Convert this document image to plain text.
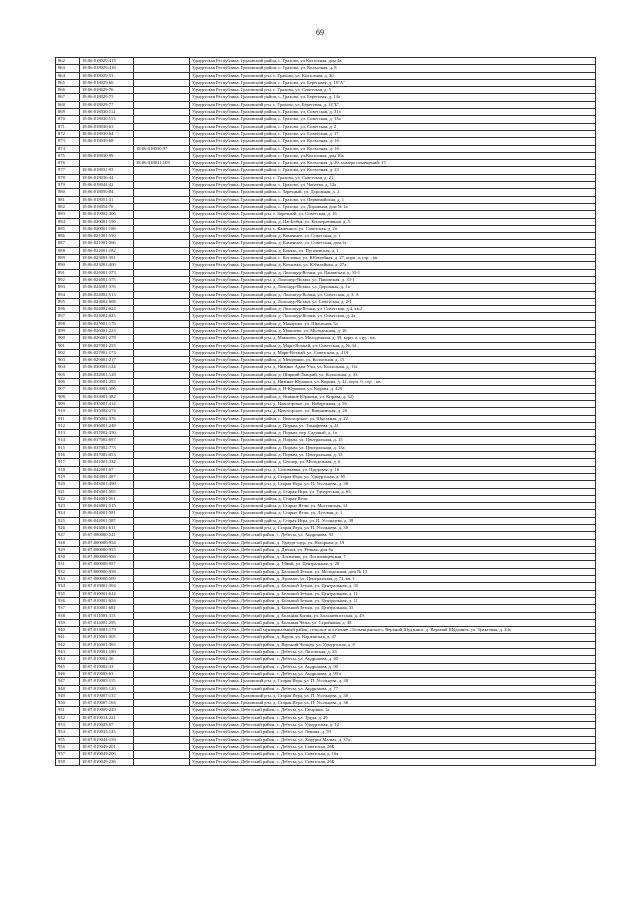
69
862	18:06:018029:415		Удмуртская Республика, Граховский район, с. Грахово, ул.Колхозная, дом 4а
863	18:06:018029:418		Удмуртская Республика, Граховский район, с. Грахово, ул. Колхозная, д. 8
864	18:06:018029:53		Удмуртская Республика, Граховский р-н, с. Грахово, ул. Колхозная, д. 30
865	18:06:018029:66		Удмуртская Республика, Граховский район, с. Грахово, ул. Береговая, д. 18"А"
866	18:06:018029:76		Удмуртская Республика, Граховский р-н, с. Грахово, ул. Советская, д. 5
867	18:06:018029:75		Удмуртская Республика, Граховский район, с. Грахово, ул. Береговая, д. 14а
868	18:06:018029:77		Удмуртская Республика, Граховский р-н, с. Грахово, ул. Береговая, д. 14"Б"
869	18:06:018030:112		Удмуртская Республика, Граховский район, с. Грахово, ул. Советская, д. 31а
870	18:06:018030:113		Удмуртская Республика, Граховский район, с. Грахово, ул. Советская, д. 13а
871	18:06:018030:63		Удмуртская Республика, Граховский район, с. Грахово, ул. Советская, д. 2
872	18:06:018030:64		Удмуртская Республика, Граховский район, с. Грахово, ул. Советская, д. 17
873	18:06:018030:68		Удмуртская Республика, Граховский район, с. Грахово, ул. Колхозная, д. 16
874		18:06:018030:97	Удмуртская Республика, Граховский район, с. Грахово, ул. Колхозная, д. 16
875	18:06:018030:99		Удмуртская Республика, Граховский район, с. Грахово, ул.Колхозная, дом 16а
876		18:06:018031:103	Удмуртская Республика, Граховский район, с. Грахово, ул. Колхозная, д. 20, номера помещений: 15
877	18:06:018031:93		Удмуртская Республика, Граховский район, с. Грахово, ул. Колхозная, д. 23
878	18:06:018036:44		Удмуртская Республика, Граховский р-н, с. Грахово, ул. Советская, д. 21
879	18:06:018044:42		Удмуртская Республика, Граховский район, с. Грахово, ул. Чапаева, д. 12а
880	18:06:018050:84		Удмуртская Республика, Граховский район, с. Заречный, ул. Дорожная, д. 2
881	18:06:018051:31		Удмуртская Республика, Граховский район, с. Грахово, ул. Первомайская, д. 1
882	18:06:018054:76		Удмуртская Республика, Граховский район, с. Грахово, ул. Дорожная, дом № 1а
883	18:06:019002:306		Удмуртская Республика, Граховский р-н, с. Заречный, ул. Советская, д. 16
884	18:06:020001:190		Удмуртская Республика, Граховский район, д. Иж-Бобья, ул. Кооперативная, д. 5
885	18:06:020001:186		Удмуртская Республика, Граховский р-н, с. Каменное, ул. Советская, д. 2а
886	18:06:021001:550		Удмуртская Республика, Граховский район, д. Каменное, ул. Советская, д. 1
887	18:06:021001:566		Удмуртская Республика, Граховский район, д. Каменное, ул. Советская, дом 1а
888	18:06:022001:182		Удмуртская Республика, Граховский район, д. Конязь, ул. Пугачевская, д. 1
889	18:06:023001:391		Удмуртская Республика, Граховский район, с. Котловка, ул. Юбилейная, д. 27, корп. а, стр. , кв.
890	18:06:023001:400		Удмуртская Республика, Граховский район, д. Котловка, ул. Юбилейная, д. 27а
891	18:06:024001:373		Удмуртская Республика, Граховский район, д. Лолошур-Возжи, ул. Пановская, д. 33-1
892	18:06:024001:375		Удмуртская Республика, Граховский р-н, д. Лолошур-Возжи, ул. Пановская, д. 33-1
893	18:06:024001:376		Удмуртская Республика, Граховский р-н, д. Лолошур-Возжи, ул. Дорожная, д. 1а
894	18:06:024002:513		Удмуртская Республика, Граховский район, д. Лолошур-Возжи, ул. Советская, д. 3, А
895	18:06:024002:608		Удмуртская Республика, Граховский р-н, д. Лолошур-Возжи, ул. Советская, д. 2/4
896	18:06:024002:624		Удмуртская Республика, Граховский район, д. Лолошур-Возжи, ул. Советская, д.4, кв.2
897	18:06:024002:625		Удмуртская Республика, Граховский район, д. Лолошур-Возжи, ул. Советская, д. 2а
898	18:06:025001:176		Удмуртская Республика, Граховский район, д. Макарово, ул. Школьная, 3а
899	18:06:026001:223		Удмуртская Республика, Граховский район, д. Макшево, ул. Молодежная, д. 16
900	18:06:026001:278		Удмуртская Республика, Граховский р-н, д. Макшево, ул. Молодежная, д. 39, корп. а, стр. , кв.
901	18:06:027001:255		Удмуртская Республика, Граховский район, д. Мари-Возжай, ул. Советская, д. № 34
902	18:06:027001:173		Удмуртская Республика, Граховский р-н, д. Мари-Возжай, ул. Советская, д. 41А
903	18:06:029001:217		Удмуртская Республика, Граховский район, д. Мещеряки, ул. Колхозная, д. 15
904	18:06:030001:124		Удмуртская Республика, Граховский р-н, д. Нижние Адам-Учи, ул. Колхозная, д. 11а
905	18:06:032001:128		Удмуртская Республика, Граховский район, д. Ширкий Лъюрий, ул. Колхозная, д. 33
906	18:06:033001:293		Удмуртская Республика, Граховский р-н, д. Нижние Юрашки, ул. Кирова, д. 42, корп. б, стр. , кв.
907	18:06:033001:306		Удмуртская Республика, Граховский район, д. Н-Юрашки, ул. Кирова, д. 42б
908	18:06:033001:382		Удмуртская Республика, Граховский район, д. Нижние Юрашки, ул. Кирова, д. 42)
909	18:06:035001:412		Удмуртская Республика, Граховский р-н, д. Новогорское, ул. Набережная, д. 56
910	18:06:035002:274		Удмуртская Республика, Граховский р-н, д. Новогорское, ул. Вишневская, д. 20
911	18:06:035002:376		Удмуртская Республика, Граховский район, с. Новогорское, ул. Школьная, д. 22
912	18:06:036001:248		Удмуртская Республика, Граховский район, д. Порым, ул. Тимофеева, д. 41
913	18:06:037002:350		Удмуртская Республика, Граховский район, д. Порым, пер. Садовый, д. 1а
914	18:06:037002:697		Удмуртская Республика, Граховский район, д. Порым, ул. Центральная, д. 15
915	18:06:037002:773		Удмуртская Республика, Граховский район, д. Порым, ул. Центральная, д. 13а
916	18:06:037002:853		Удмуртская Республика, Граховский район, д. Порым, ул. Центральная, д. 13
917	18:06:041001:332		Удмуртская Республика, Граховский район, д. Сеппер, ул. Молодежная, д. 6
918	18:06:042001:97		Удмуртская Республика, Граховский р-н, д. Соловьевка, ул. Прудовая, д. 16
919	18:06:043001:487		Удмуртская Республика, Граховский р-н, д. Старая Игра, ул. Удмуртская, д. 65
920	18:06:043001:490		Удмуртская Республика, Граховский р-н, д. Старая Игра, ул. П. Усольцева, д. 38
921	18:06:043001:505		Удмуртская Республика, Граховский район, д. Старая Игра, ул. Удмуртская, д. 65
922	18:06:044001:561		Удмуртская Республика, Граховский район, д. Старая Ятчи
923	18:06:044001:515		Удмуртская Республика, Граховский район, д. Старые Ятчи, ул. Мостовская, 14
924	18:06:044001:581		Удмуртская Республика, Граховский район, д. Старые Ятчи, ул. Луговая, д. 1
925	18:06:044001:587		Удмуртская Республика, Граховский район, д. Старая Игра, ул. П. Усольцева, д. 38
926	18:06:044001:611		Удмуртская Республика, Граховский р-н, д. Старая Игра, ул. П. Усольцева, д. 38
927	18:07:000000:541		Удмуртская Республика, Дебесский район, с. Дебесы, ул. Андронова, 93
928	18:07:000000:954		Удмуртская Республика, Дебесский район, д. Удмурт-шур, ул. Нагорная, д. 19
929	18:07:000000:955		Удмуртская Республика, Дебесский район, д. Дзилья, ул. Речная, дом 6а
930	18:07:000000:956		Удмуртская Республика, Дебесский район, д. Логачевщ, ул. Логачевщевская, 7
931	18:07:000000:957		Удмуртская Республика, Дебесский район, д. Уйвай, ул. Центральная, д. 28
932	18:07:000000:958		Удмуртская Республика, Дебесский район, д. Большой Зетым, ул. Молодежная, дом № 13
933	18:07:000000:509		Удмуртская Республика, Дебесский район, д. Арзамас, ул. Центральная, д. 72, кв. 1
934	18:07:010001:504		Удмуртская Республика, Дебесский район, д. Большой Зетым, ул. Центральная, д. 35
935	18:07:010001:614		Удмуртская Республика, Дебесский район, д. Большой Зетым, ул. Центральная, д. 11
936	18:07:010001:654		Удмуртская Республика, Дебесский район, д. Большой Зетым, ул. Центральная, д. 11
937	18:07:010001:681		Удмуртская Республика, Дебесский район, д. Большой Зетым, ул. Центральная, 35
938	18:07:011001:313		Удмуртская Республика, Дебесский район, д. Большая Кизня, ул. Большевистская, д. 49
939	18:07:012001:295		Удмуртская Республика, Дебесский район, д. Большая Чёжа, ул. Стройкина, д. 38
940	18:07:013001:179		Удмуртская Республика, Дебесский муниципальный район, сельское поселение «Тольенцанское», Верхний Шудзинск, д. Верхний Шудзинск, ул. Трактовая, д. 23а
941	18:07:015001:505		Удмуртская Республика, Дебесский район, д. Варзи, ул. Варзинская, д. 47
942	18:07:016001:365		Удмуртская Республика, Дебесский район, д. Верхний Чепцер, ул. Удмуртская, д. 8
943	18:07:019001:180		Удмуртская Республика, Дебесский район, с. Дебесы, ул. Литовская, д. 23
944	18:07:019002:30		Удмуртская Республика, Дебесский район, с. Дебесы, ул. Андронова, д. 40
945	18:07:019002:33		Удмуртская Республика, Дебесский район, с. Дебесы, ул. Андронова, д. 90
946	18:07:019003:63		Удмуртская Республика, Дебесский район, с. Дебесы, ул. Андронова, д. 90 а
947	18:07:019005:115		Удмуртская Республика, Граховский р-н, д. Старая Игра, ул. П. Усольцева, д. 38
948	18:07:019005:120		Удмуртская Республика, Дебесский район, с. Дебесы, ул. Андронова, д. 77
949	18:07:019007:137		Удмуртская Республика, Граховский р-н, д. Старая Игра, ул. П. Усольцева, д. 38
950	18:07:019007:163		Удмуртская Республика, Граховский р-н, д. Старая Игра, ул. П. Усольцева, д. 38
951	18:07:019009:229		Удмуртская Республика, Дебесский район, с. Дебесы, ул. Гагарина, 1а
952	18:07:019014:221		Удмуртская Республика, Дебесский район, с. Дебесы, ул. Труда, д. 29
953	18:07:019025:97		Удмуртская Республика, Дебесский район, с. Дебесы, ул. Удмуртская, д. 12
954	18:07:019035:125		Удмуртская Республика, Дебесский район, с. Дебесы, ул. Ленина, д. 59
955	18:07:019044:159		Удмуртская Республика, Дебесский район, с. Дебесы, ул. Хирурга Малых, д. 37а
956	18:07:019049:201		Удмуртская Республика, Дебесский район, с. Дебесы, ул. Советская, 26Б
957	18:07:019049:206		Удмуртская Республика, Дебесский район, с. Дебесы, ул. Советская, д. 16а
958	18:07:019049:236		Удмуртская Республика, Дебесский район, с. Дебесы, ул. Советская, 26Б
